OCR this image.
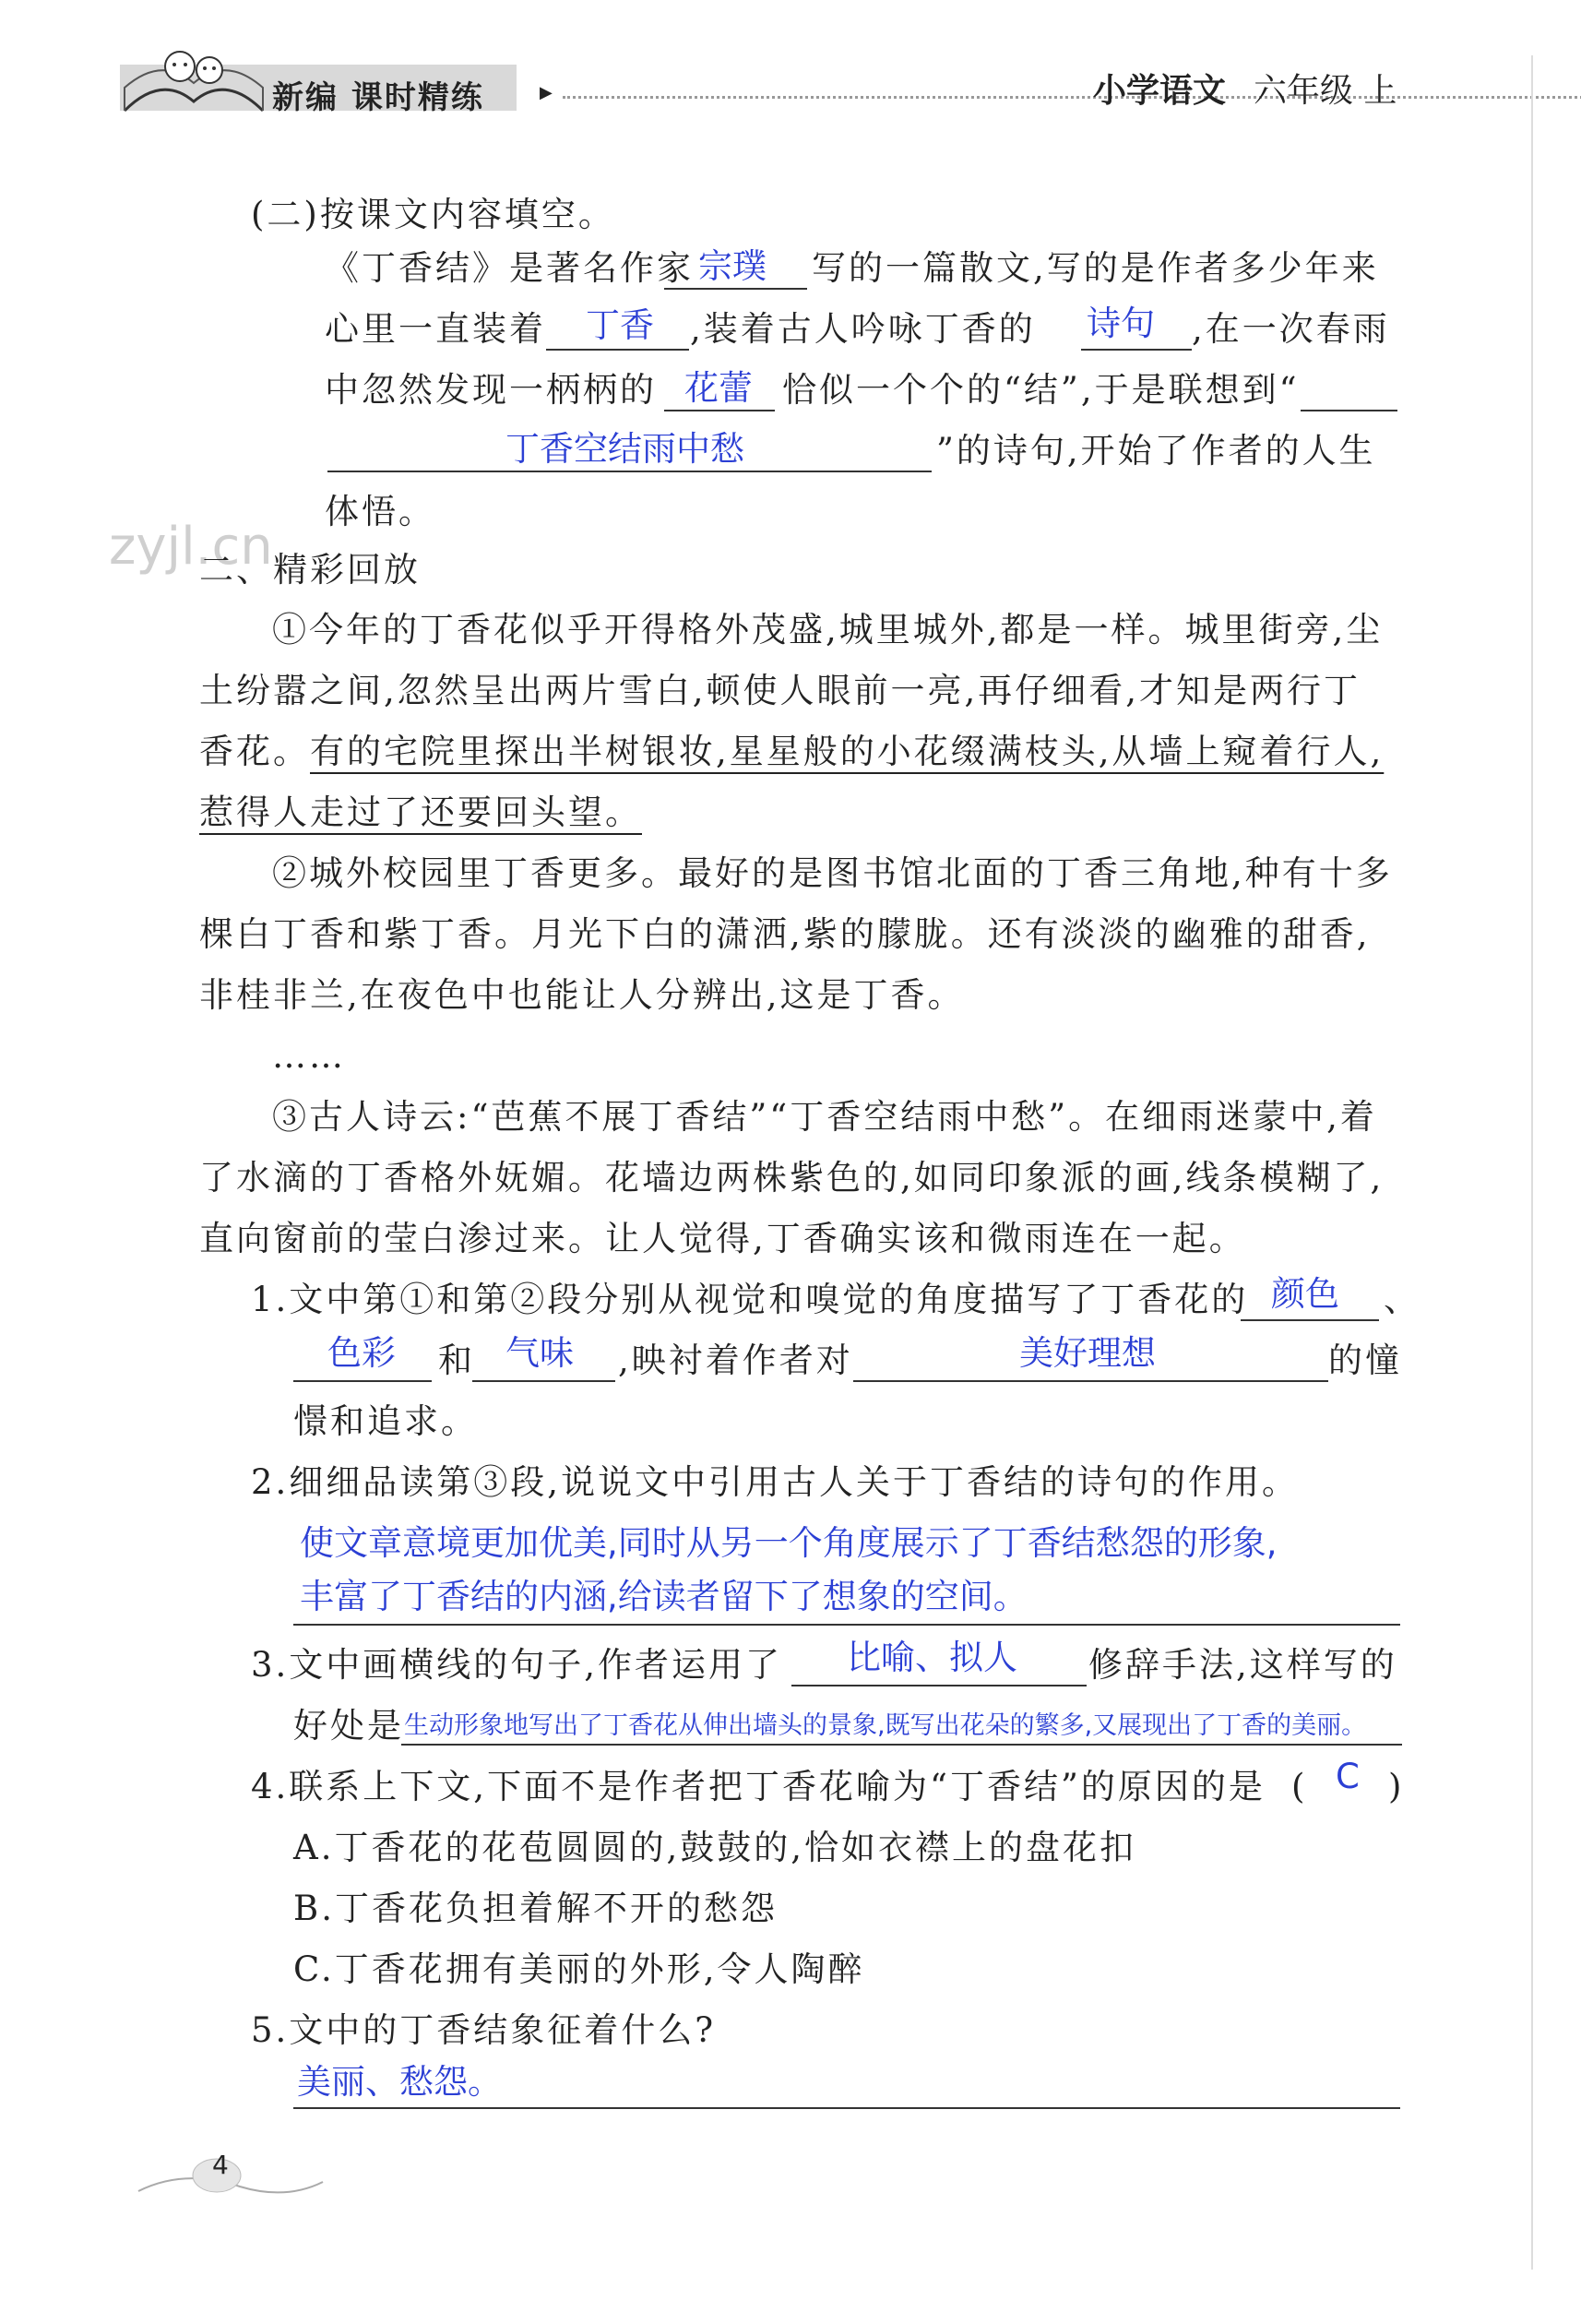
新编 课时精练	▶	小学语文 六年级 上
(二)按课文内容填空。
《丁香结》是著名作家 宗璞 写的一篇散文,写的是作者多少年来
心里一直装着 丁香 ,装着古人吟咏丁香的 诗句 ,在一次春雨
中忽然发现一柄柄的 花蕾 恰似一个个的“结”,于是联想到“
丁香空结雨中愁	”的诗句,开始了作者的人生
体悟。
zyjl.cn
二、精彩回放
①今年的丁香花似乎开得格外茂盛,城里城外,都是一样。城里街旁,尘
土纷嚣之间,忽然呈出两片雪白,顿使人眼前一亮,再仔细看,才知是两行丁
香花。有的宅院里探出半树银妆,星星般的小花缀满枝头,从墙上窥着行人,
惹得人走过了还要回头望。
②城外校园里丁香更多。最好的是图书馆北面的丁香三角地,种有十多
棵白丁香和紫丁香。月光下白的潇洒,紫的朦胧。还有淡淡的幽雅的甜香,
非桂非兰,在夜色中也能让人分辨出,这是丁香。
……
③古人诗云:“芭蕉不展丁香结”“丁香空结雨中愁”。在细雨迷蒙中,着
了水滴的丁香格外妩媚。花墙边两株紫色的,如同印象派的画,线条模糊了,
直向窗前的莹白渗过来。让人觉得,丁香确实该和微雨连在一起。
1.文中第①和第②段分别从视觉和嗅觉的角度描写了丁香花的 颜色 、
色彩 和 气味 ,映衬着作者对	美好理想	的憧
憬和追求。
2.细细品读第③段,说说文中引用古人关于丁香结的诗句的作用。
使文章意境更加优美,同时从另一个角度展示了丁香结愁怨的形象,
丰富了丁香结的内涵,给读者留下了想象的空间。
3.文中画横线的句子,作者运用了 比喻、拟人 修辞手法,这样写的
好处是 生动形象地写出了丁香花从伸出墙头的景象,既写出花朵的繁多,又展现出了丁香的美丽。
4.联系上下文,下面不是作者把丁香花喻为“丁香结”的原因的是 ( C )
A.丁香花的花苞圆圆的,鼓鼓的,恰如衣襟上的盘花扣
B.丁香花负担着解不开的愁怨
C.丁香花拥有美丽的外形,令人陶醉
5.文中的丁香结象征着什么?
美丽、愁怨。
4
